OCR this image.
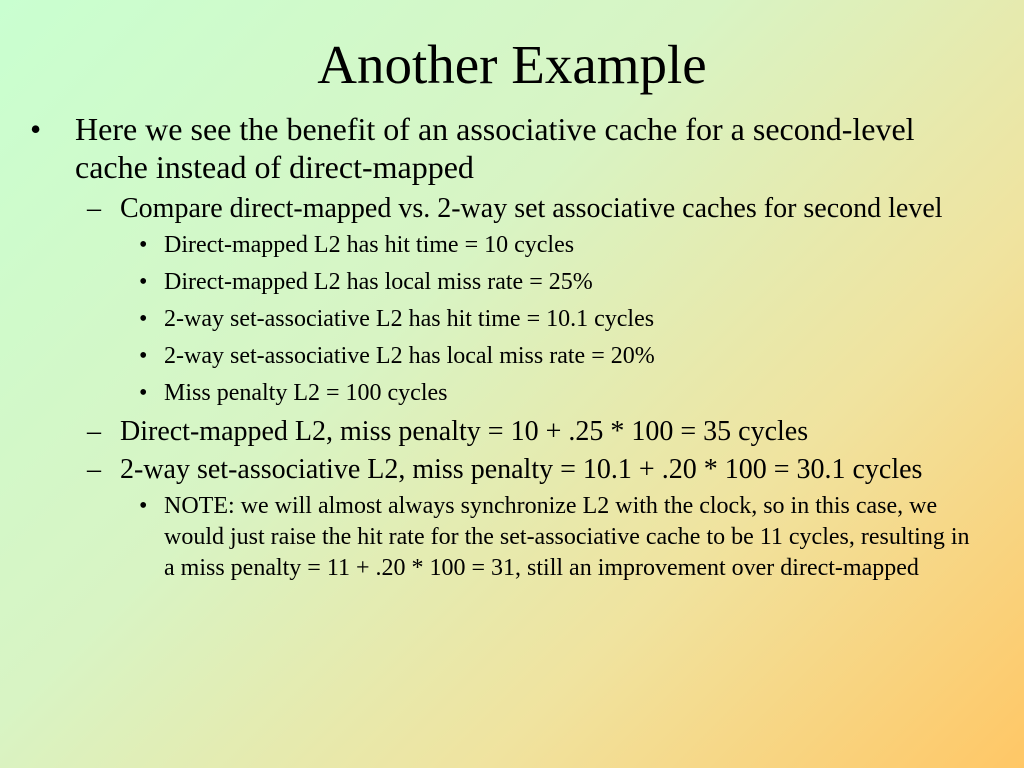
Another Example
• Here we see the benefit of an associative cache for a second-level cache instead of direct-mapped
– Compare direct-mapped vs. 2-way set associative caches for second level
• Direct-mapped L2 has hit time = 10 cycles
• Direct-mapped L2 has local miss rate = 25%
• 2-way set-associative L2 has hit time = 10.1 cycles
• 2-way set-associative L2 has local miss rate = 20%
• Miss penalty L2 = 100 cycles
– Direct-mapped L2, miss penalty = 10 + .25 * 100 = 35 cycles
– 2-way set-associative L2, miss penalty = 10.1 + .20 * 100 = 30.1 cycles
• NOTE: we will almost always synchronize L2 with the clock, so in this case, we would just raise the hit rate for the set-associative cache to be 11 cycles, resulting in a miss penalty = 11 + .20 * 100 = 31, still an improvement over direct-mapped
